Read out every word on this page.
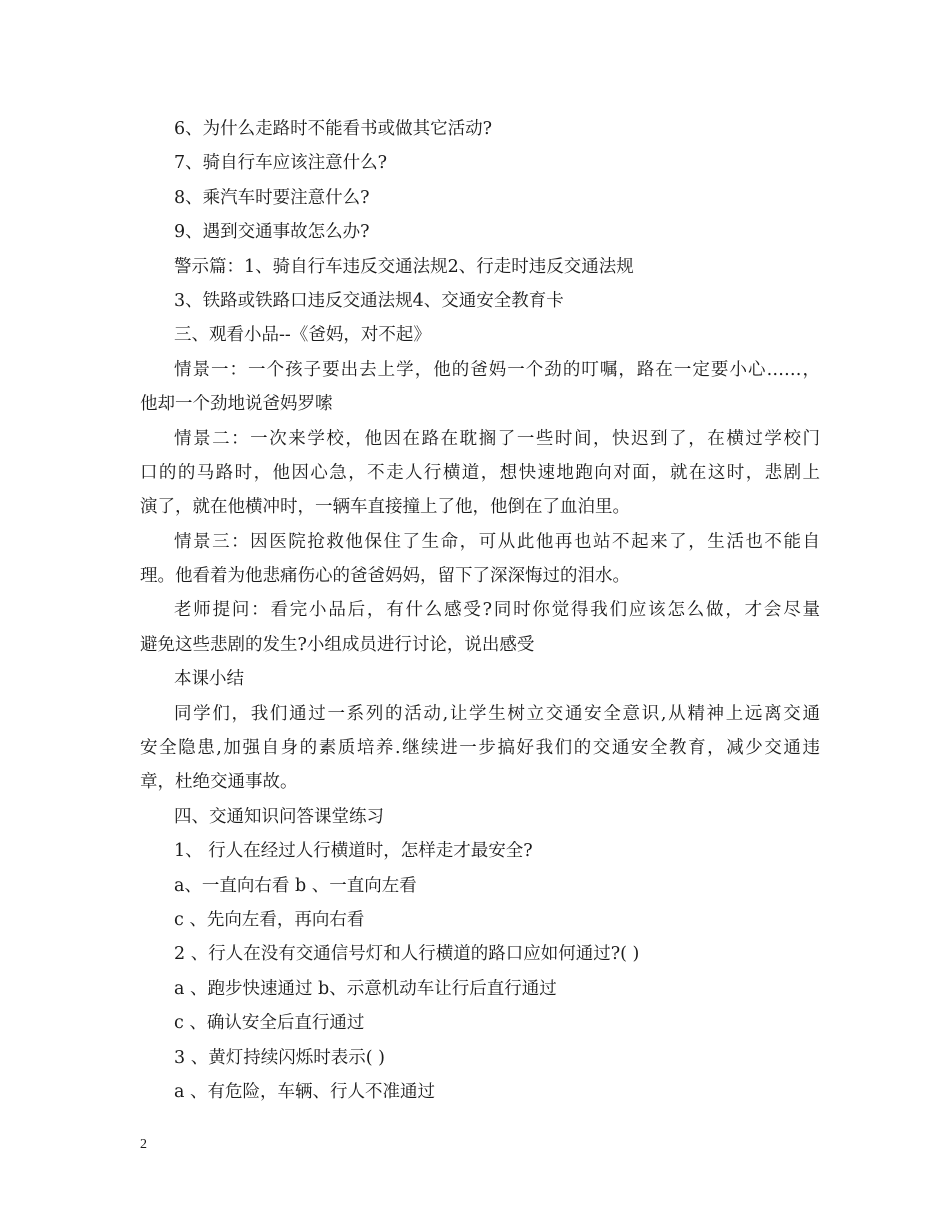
6、为什么走路时不能看书或做其它活动?
7、骑自行车应该注意什么?
8、乘汽车时要注意什么?
9、遇到交通事故怎么办?
警示篇：1、骑自行车违反交通法规2、行走时违反交通法规
3、铁路或铁路口违反交通法规4、交通安全教育卡
三、观看小品--《爸妈，对不起》
情景一：一个孩子要出去上学，他的爸妈一个劲的叮嘱，路在一定要小心……，
他却一个劲地说爸妈罗嗦
情景二：一次来学校，他因在路在耽搁了一些时间，快迟到了，在横过学校门
口的的马路时，他因心急，不走人行横道，想快速地跑向对面，就在这时，悲剧上
演了，就在他横冲时，一辆车直接撞上了他，他倒在了血泊里。
情景三：因医院抢救他保住了生命，可从此他再也站不起来了，生活也不能自
理。他看着为他悲痛伤心的爸爸妈妈，留下了深深悔过的泪水。
老师提问：看完小品后，有什么感受?同时你觉得我们应该怎么做，才会尽量
避免这些悲剧的发生?小组成员进行讨论，说出感受
本课小结
同学们，我们通过一系列的活动,让学生树立交通安全意识,从精神上远离交通
安全隐患,加强自身的素质培养.继续进一步搞好我们的交通安全教育，减少交通违
章，杜绝交通事故。
四、交通知识问答课堂练习
1、 行人在经过人行横道时，怎样走才最安全?
a、一直向右看 b 、一直向左看
c 、先向左看，再向右看
2 、行人在没有交通信号灯和人行横道的路口应如何通过?( )
a 、跑步快速通过 b、示意机动车让行后直行通过
c 、确认安全后直行通过
3 、黄灯持续闪烁时表示( )
a 、有危险，车辆、行人不准通过
2
